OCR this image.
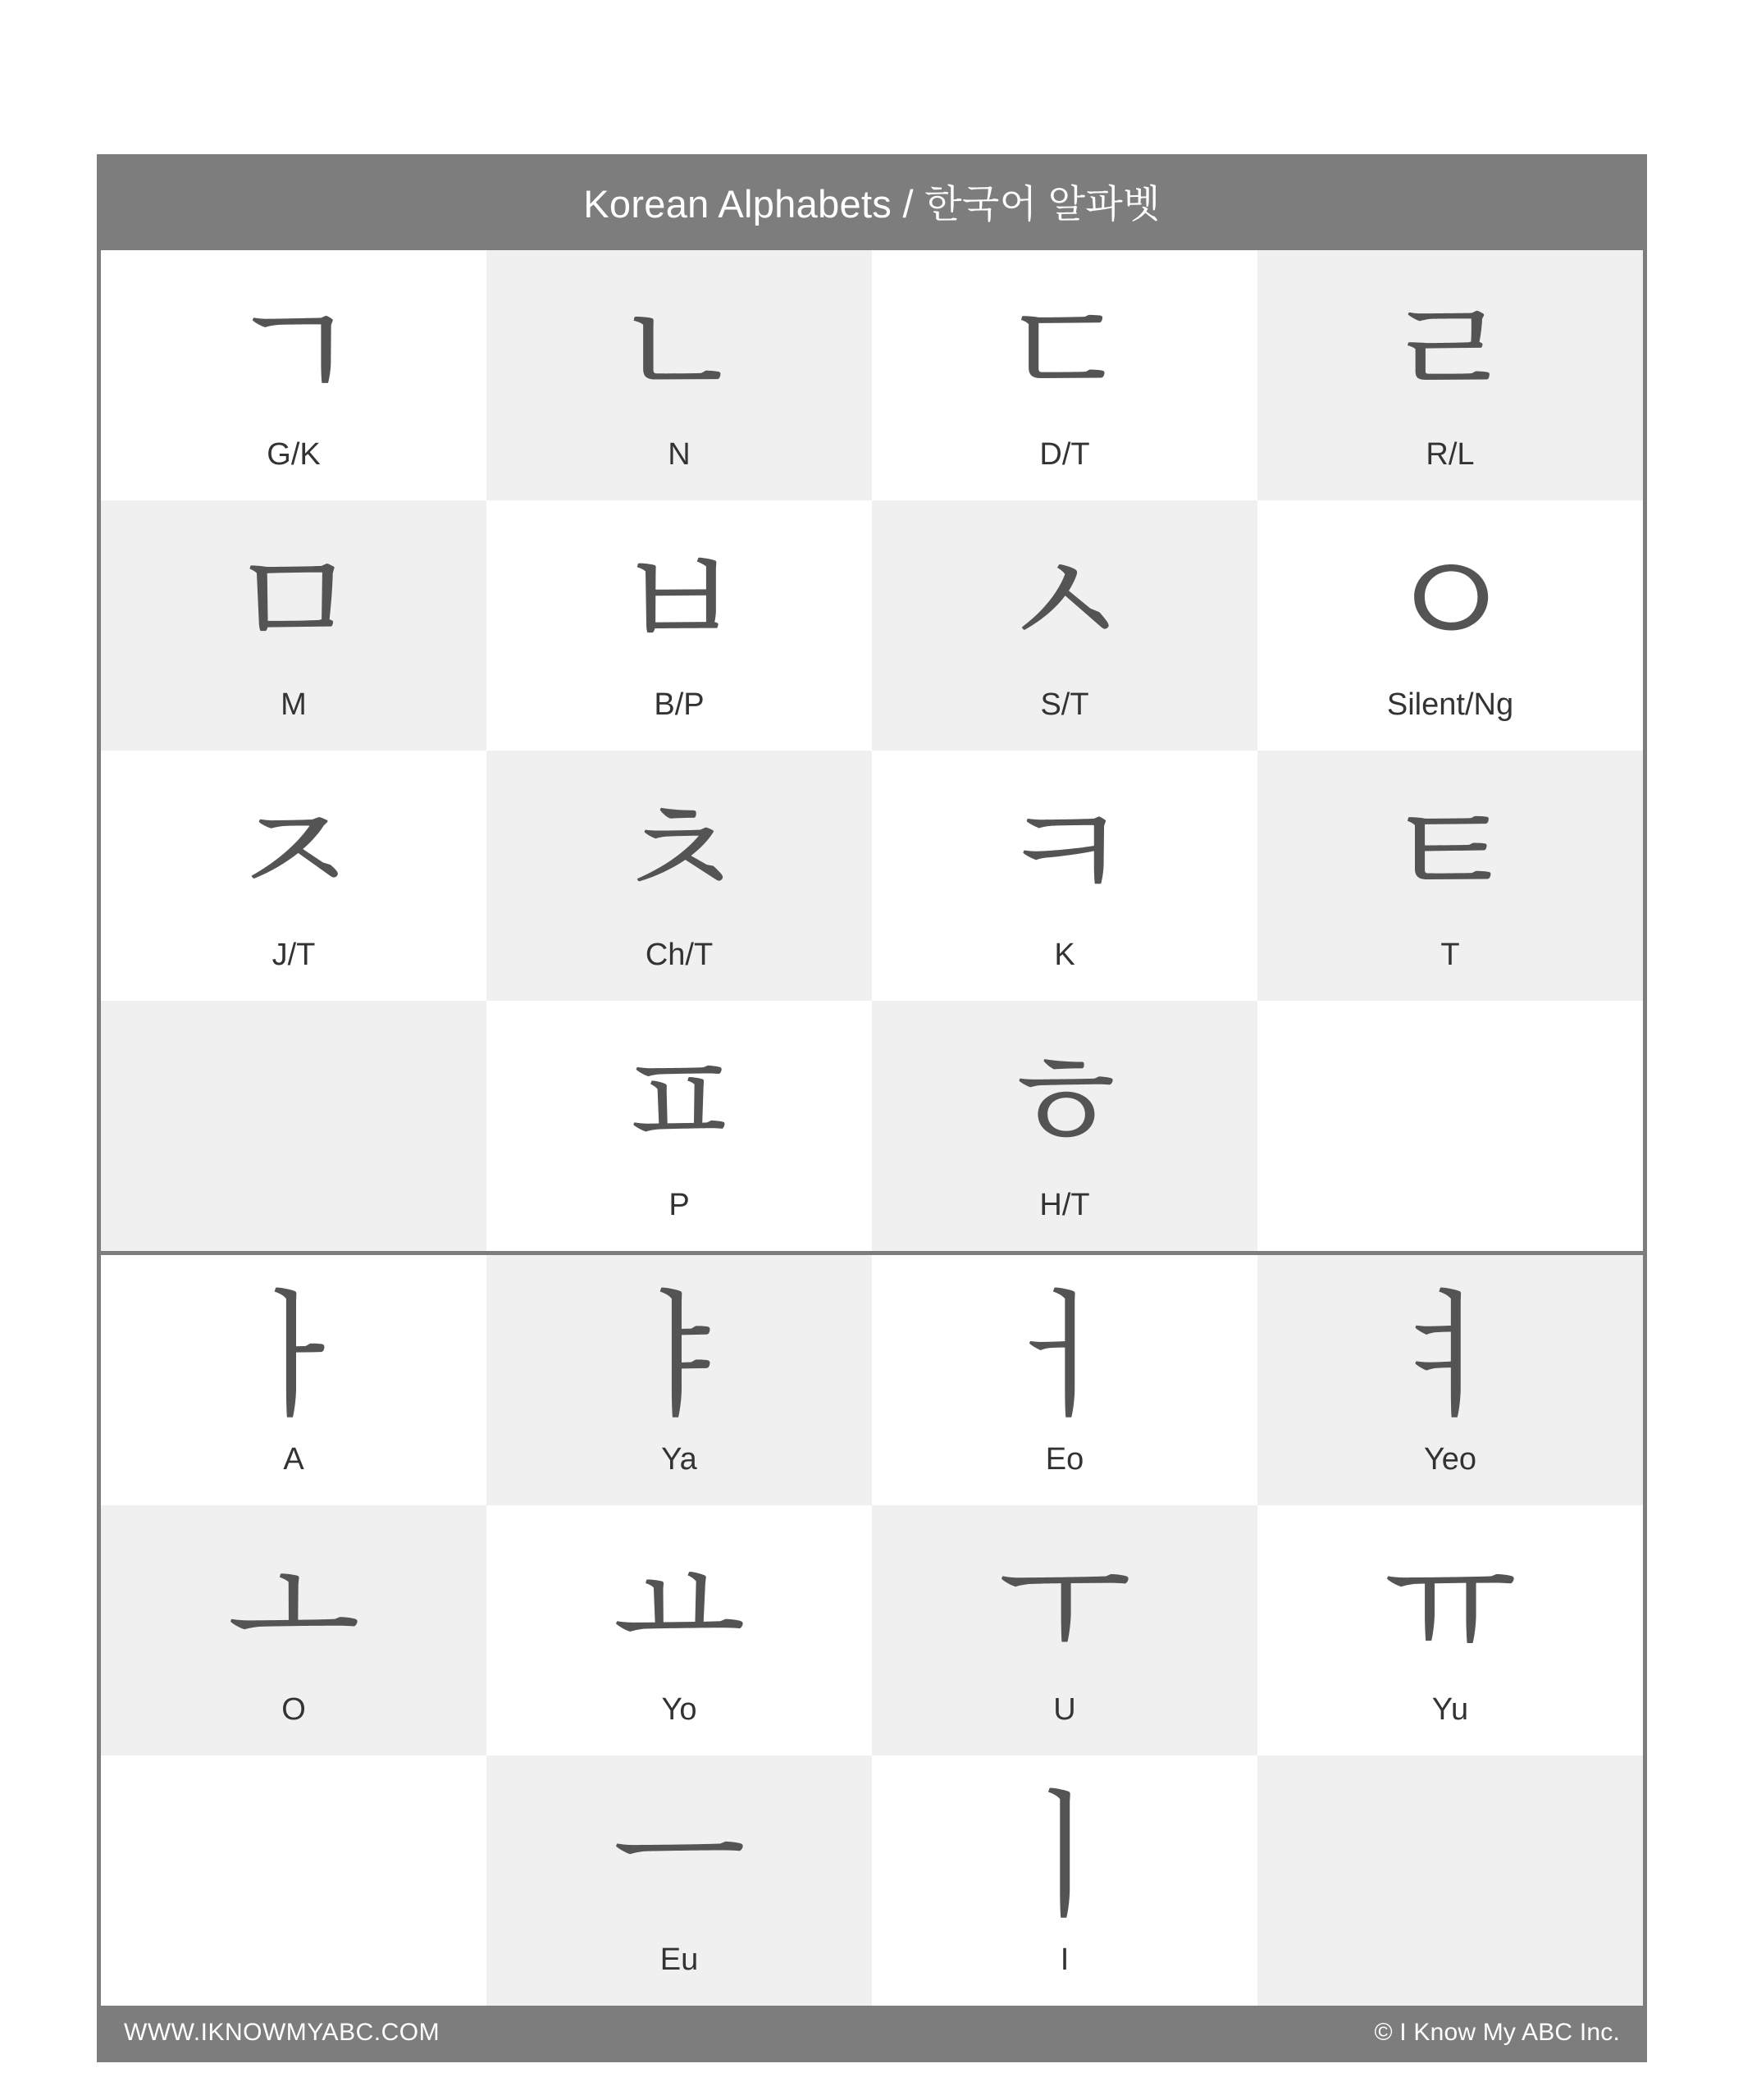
Korean Alphabets / 한국어 알파벳
ㄱ
G/K
ㄴ
N
ㄷ
D/T
ㄹ
R/L
ㅁ
M
ㅂ
B/P
ㅅ
S/T
ㅇ
Silent/Ng
ㅈ
J/T
ㅊ
Ch/T
ㅋ
K
ㅌ
T
ㅍ
P
ㅎ
H/T
ㅏ
A
ㅑ
Ya
ㅓ
Eo
ㅕ
Yeo
ㅗ
O
ㅛ
Yo
ㅜ
U
ㅠ
Yu
ㅡ
Eu
ㅣ
I
WWW.IKNOWMYABC.COM	© I Know My ABC Inc.
